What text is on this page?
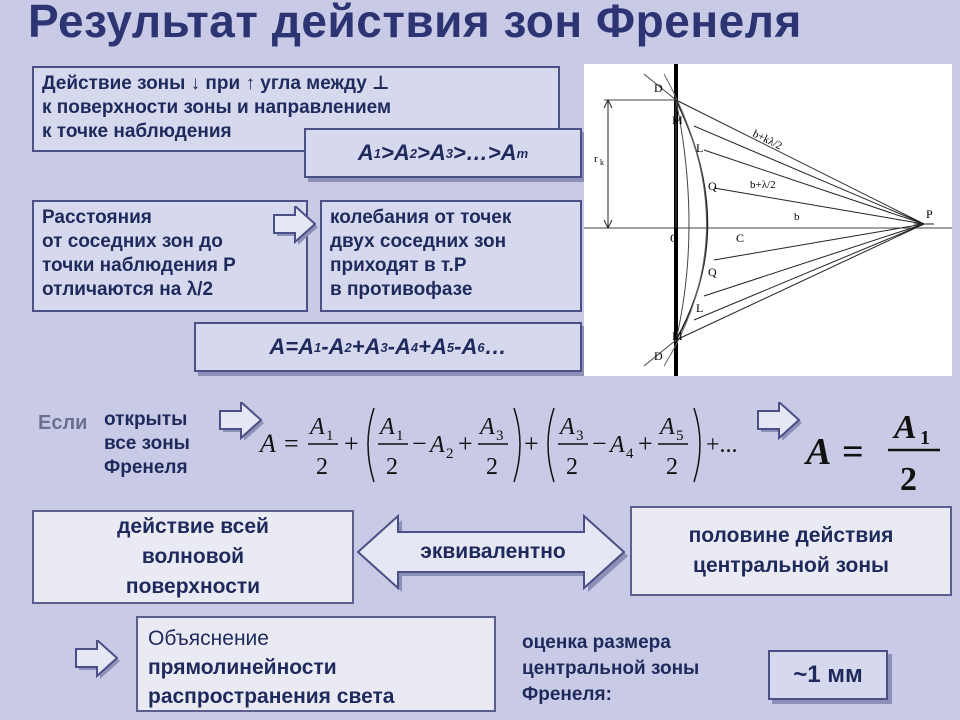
Результат действия зон Френеля
Действие зоны ↓ при ↑ угла между ⊥
к поверхности зоны и направлением
к точке наблюдения
A 1 > A 2 > A 3 >…> A m
Расстояния
от соседних зон до
точки наблюдения P
отличаются на λ/2
колебания от точек
двух соседних зон
приходят в т.P
в противофазе
A=A 1 -A 2 +A 3 -A 4 +A 5 -A 6 …
D
M
L
Q
O	C
Q
L
M
D
P
r k
b+kλ/2
b+λ/2
b
Если открыты
все зоны
Френеля
A =
A 1
2
+
A 1
2
− A 2 +
A 3
2
+
A 3
2
− A 4 +
A 5
2
+... A =
A 1
2
действие всей
волновой
поверхности
эквивалентно
половине действия
центральной зоны
Объяснение
прямолинейности
распространения света
оценка размера
центральной зоны
Френеля:
~1 мм
